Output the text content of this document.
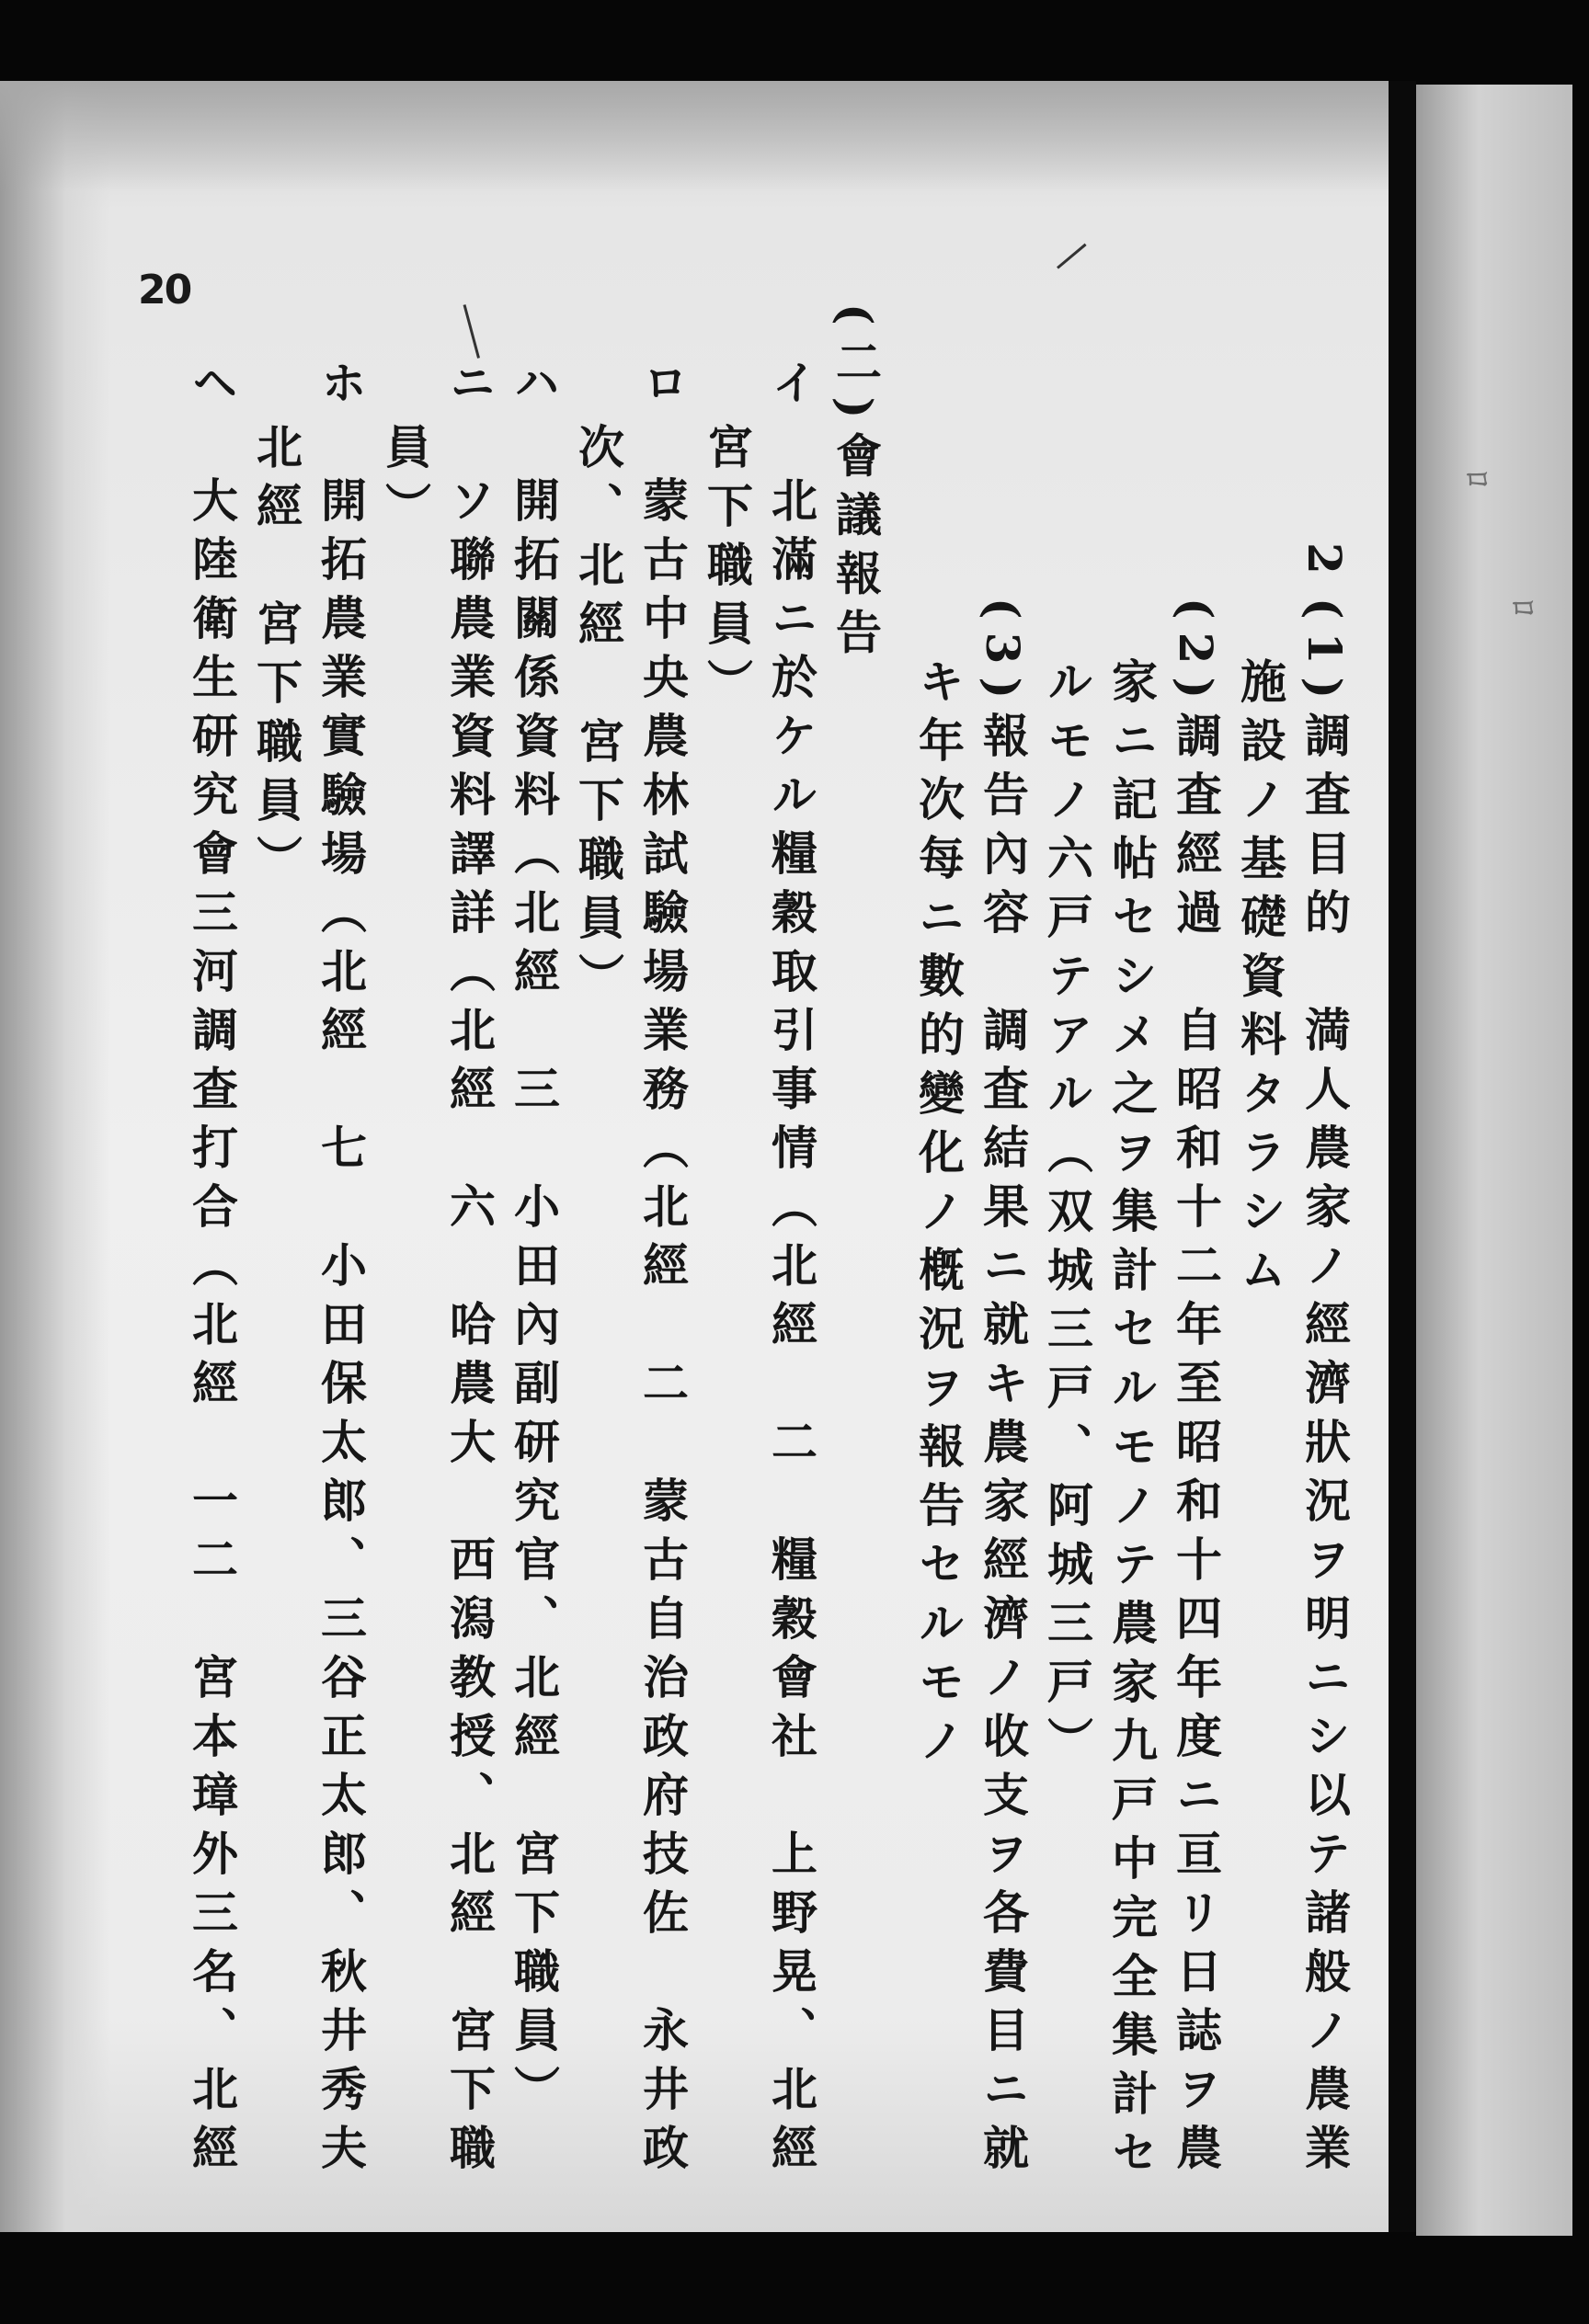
ﾛ
ﾛ
20
2
(1)調査目的　満人農家ノ經濟狀況ヲ明ニシ以テ諸般ノ農業
施設ノ基礎資料タラシム
(2)調査經過　自昭和十二年至昭和十四年度ニ亘リ日誌ヲ農
家ニ記帖セシメ之ヲ集計セルモノテ農家九戸中完全集計セ
ルモノ六戸テアル（双城三戸、阿城三戸）
(3)報告內容　調査結果ニ就キ農家經濟ノ收支ヲ各費目ニ就
キ年次每ニ數的變化ノ槪況ヲ報告セルモノ
(二)會議報告
イ　北滿ニ於ケル糧穀取引事情（北經　二　糧穀會社　上野晃、北經
宮下職員）
ロ　蒙古中央農林試驗場業務（北經　二　蒙古自治政府技佐　永井政
次、北經　宮下職員）
ハ　開拓關係資料（北經　三　小田內副研究官、北經　宮下職員）
ニ　ソ聯農業資料譯詳（北經　六　哈農大　西潟教授、北經　宮下職
員）
ホ　開拓農業實驗場（北經　七　小田保太郎、三谷正太郎、秋井秀夫
北經　宮下職員）
ヘ　大陸衛生研究會三河調查打合（北經　一二　宮本璋外三名、北經
